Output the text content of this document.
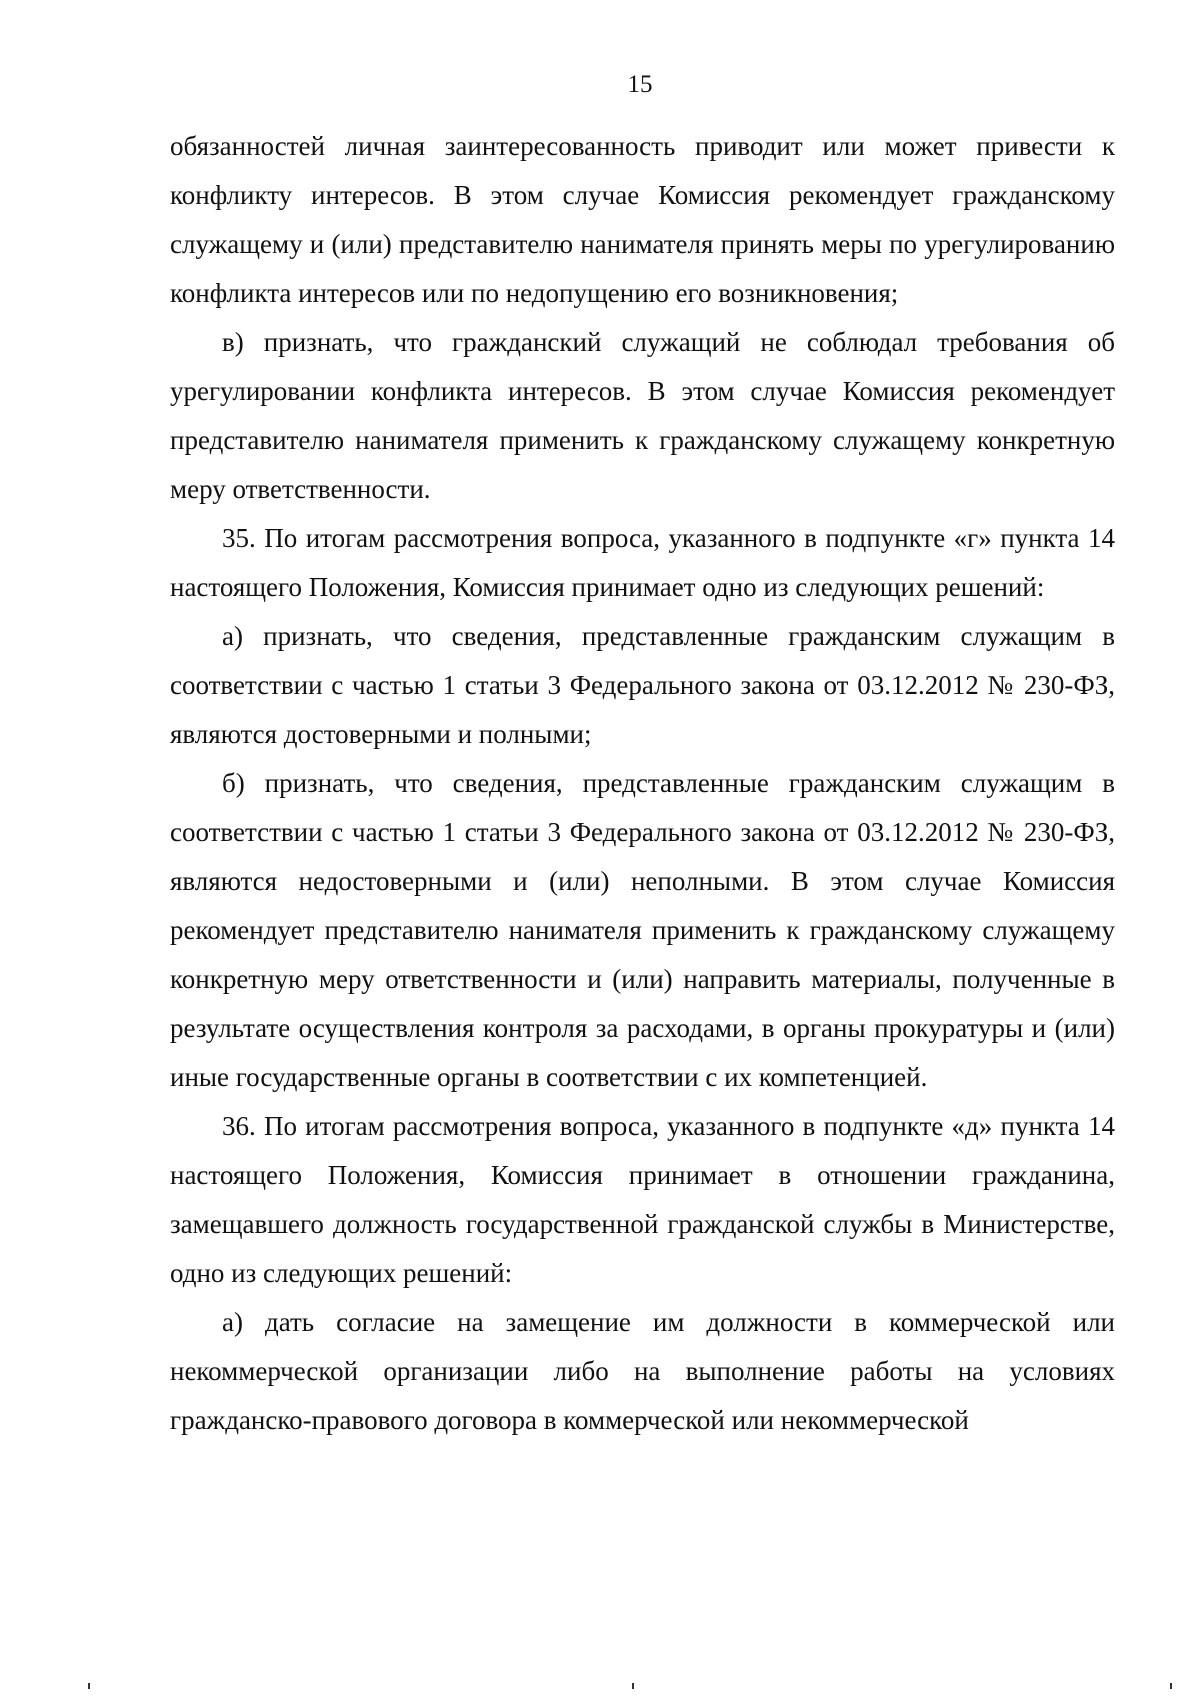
15

обязанностей личная заинтересованность приводит или может привести к конфликту интересов. В этом случае Комиссия рекомендует гражданскому служащему и (или) представителю нанимателя принять меры по урегулированию конфликта интересов или по недопущению его возникновения;

в) признать, что гражданский служащий не соблюдал требования об урегулировании конфликта интересов. В этом случае Комиссия рекомендует представителю нанимателя применить к гражданскому служащему конкретную меру ответственности.

35. По итогам рассмотрения вопроса, указанного в подпункте «г» пункта 14 настоящего Положения, Комиссия принимает одно из следующих решений:

а) признать, что сведения, представленные гражданским служащим в соответствии с частью 1 статьи 3 Федерального закона от 03.12.2012 № 230-ФЗ, являются достоверными и полными;

б) признать, что сведения, представленные гражданским служащим в соответствии с частью 1 статьи 3 Федерального закона от 03.12.2012 № 230-ФЗ, являются недостоверными и (или) неполными. В этом случае Комиссия рекомендует представителю нанимателя применить к гражданскому служащему конкретную меру ответственности и (или) направить материалы, полученные в результате осуществления контроля за расходами, в органы прокуратуры и (или) иные государственные органы в соответствии с их компетенцией.

36. По итогам рассмотрения вопроса, указанного в подпункте «д» пункта 14 настоящего Положения, Комиссия принимает в отношении гражданина, замещавшего должность государственной гражданской службы в Министерстве, одно из следующих решений:

а) дать согласие на замещение им должности в коммерческой или некоммерческой организации либо на выполнение работы на условиях гражданско-правового договора в коммерческой или некоммерческой
